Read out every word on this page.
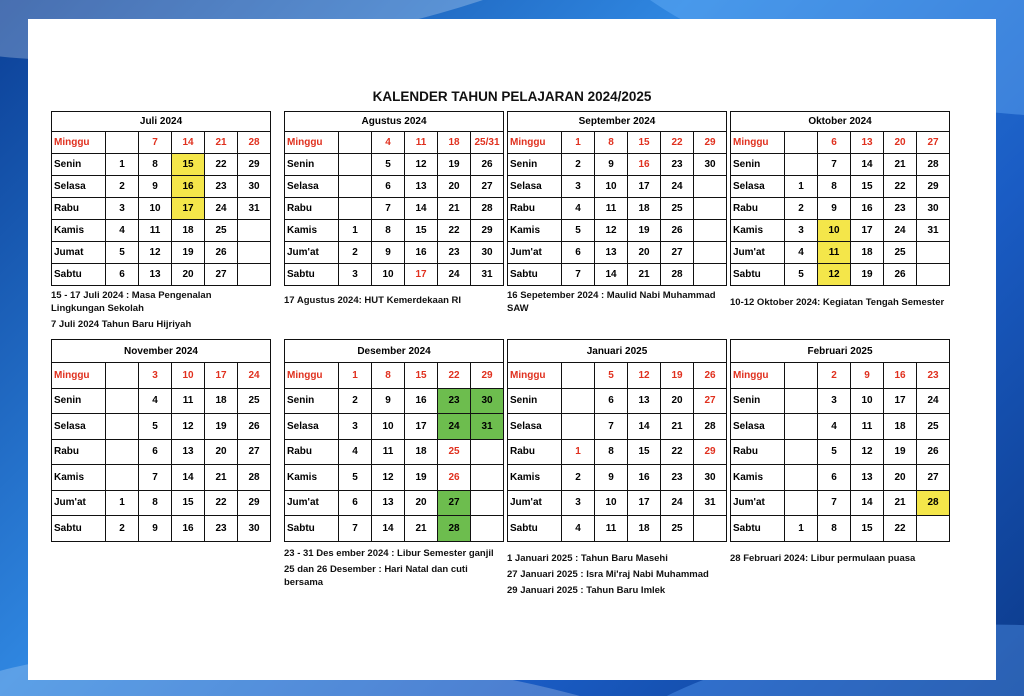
KALENDER TAHUN PELAJARAN 2024/2025
Juli 2024					
Minggu		7	14	21	28
Senin	1	8	15	22	29
Selasa	2	9	16	23	30
Rabu	3	10	17	24	31
Kamis	4	11	18	25	
Jumat	5	12	19	26	
Sabtu	6	13	20	27	
Agustus 2024					
Minggu		4	11	18	25/31
Senin		5	12	19	26
Selasa		6	13	20	27
Rabu		7	14	21	28
Kamis	1	8	15	22	29
Jum'at	2	9	16	23	30
Sabtu	3	10	17	24	31
September 2024					
Minggu	1	8	15	22	29
Senin	2	9	16	23	30
Selasa	3	10	17	24	
Rabu	4	11	18	25	
Kamis	5	12	19	26	
Jum'at	6	13	20	27	
Sabtu	7	14	21	28	
Oktober 2024					
Minggu		6	13	20	27
Senin		7	14	21	28
Selasa	1	8	15	22	29
Rabu	2	9	16	23	30
Kamis	3	10	17	24	31
Jum'at	4	11	18	25	
Sabtu	5	12	19	26	
November 2024					
Minggu		3	10	17	24
Senin		4	11	18	25
Selasa		5	12	19	26
Rabu		6	13	20	27
Kamis		7	14	21	28
Jum'at	1	8	15	22	29
Sabtu	2	9	16	23	30
Desember 2024					
Minggu	1	8	15	22	29
Senin	2	9	16	23	30
Selasa	3	10	17	24	31
Rabu	4	11	18	25	
Kamis	5	12	19	26	
Jum'at	6	13	20	27	
Sabtu	7	14	21	28	
Januari 2025					
Minggu		5	12	19	26
Senin		6	13	20	27
Selasa		7	14	21	28
Rabu	1	8	15	22	29
Kamis	2	9	16	23	30
Jum'at	3	10	17	24	31
Sabtu	4	11	18	25	
Februari 2025					
Minggu		2	9	16	23
Senin		3	10	17	24
Selasa		4	11	18	25
Rabu		5	12	19	26
Kamis		6	13	20	27
Jum'at		7	14	21	28
Sabtu	1	8	15	22	
15 - 17 Juli 2024 : Masa Pengenalan Lingkungan Sekolah
7 Juli 2024 Tahun Baru Hijriyah
17 Agustus 2024: HUT Kemerdekaan RI	16 Sepetember 2024 : Maulid Nabi Muhammad SAW
10-12 Oktober 2024: Kegiatan Tengah Semester
23 - 31 Des ember 2024 : Libur Semester ganjil
25 dan 26 Desember : Hari Natal dan cuti bersama
1 Januari 2025 : Tahun Baru Masehi
27 Januari 2025 : Isra Mi'raj Nabi Muhammad
29 Januari 2025 : Tahun Baru Imlek
28 Februari 2024: Libur permulaan puasa
